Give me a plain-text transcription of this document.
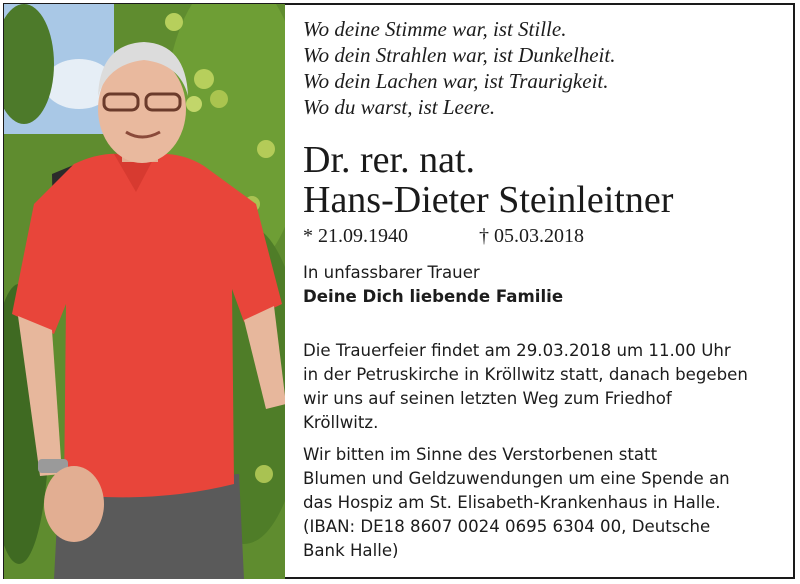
Wo deine Stimme war, ist Stille.
Wo dein Strahlen war, ist Dunkelheit.
Wo dein Lachen war, ist Traurigkeit.
Wo du warst, ist Leere.
Dr. rer. nat.
Hans-Dieter Steinleitner
* 21.09.1940	† 05.03.2018
In unfassbarer Trauer
Deine Dich liebende Familie
Die Trauerfeier findet am 29.03.2018 um 11.00 Uhr
in der Petruskirche in Kröllwitz statt, danach begeben
wir uns auf seinen letzten Weg zum Friedhof
Kröllwitz.
Wir bitten im Sinne des Verstorbenen statt
Blumen und Geldzuwendungen um eine Spende an
das Hospiz am St. Elisabeth-Krankenhaus in Halle.
(IBAN: DE18 8607 0024 0695 6304 00, Deutsche
Bank Halle)
